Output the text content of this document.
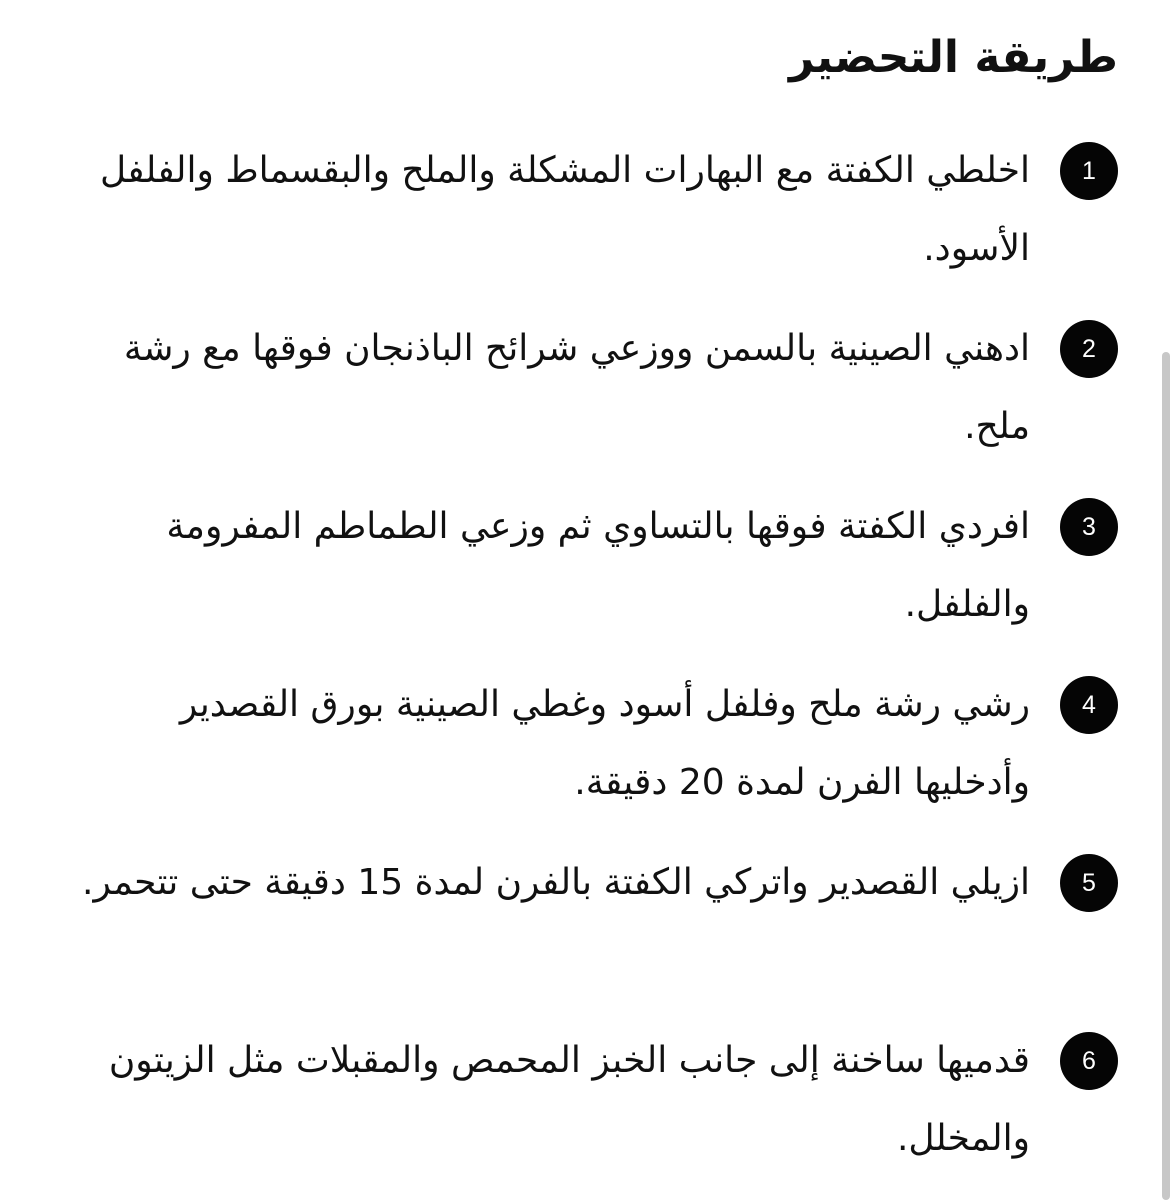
طريقة التحضير
1

اخلطي الكفتة مع البهارات المشكلة والملح والبقسماط والفلفل الأسود.

2

ادهني الصينية بالسمن ووزعي شرائح الباذنجان فوقها مع رشة ملح.

3

افردي الكفتة فوقها بالتساوي ثم وزعي الطماطم المفرومة والفلفل.

4

رشي رشة ملح وفلفل أسود وغطي الصينية بورق القصدير وأدخليها الفرن لمدة 20 دقيقة.

5

ازيلي القصدير واتركي الكفتة بالفرن لمدة 15 دقيقة حتى تتحمر.

6

قدميها ساخنة إلى جانب الخبز المحمص والمقبلات مثل الزيتون والمخلل.
